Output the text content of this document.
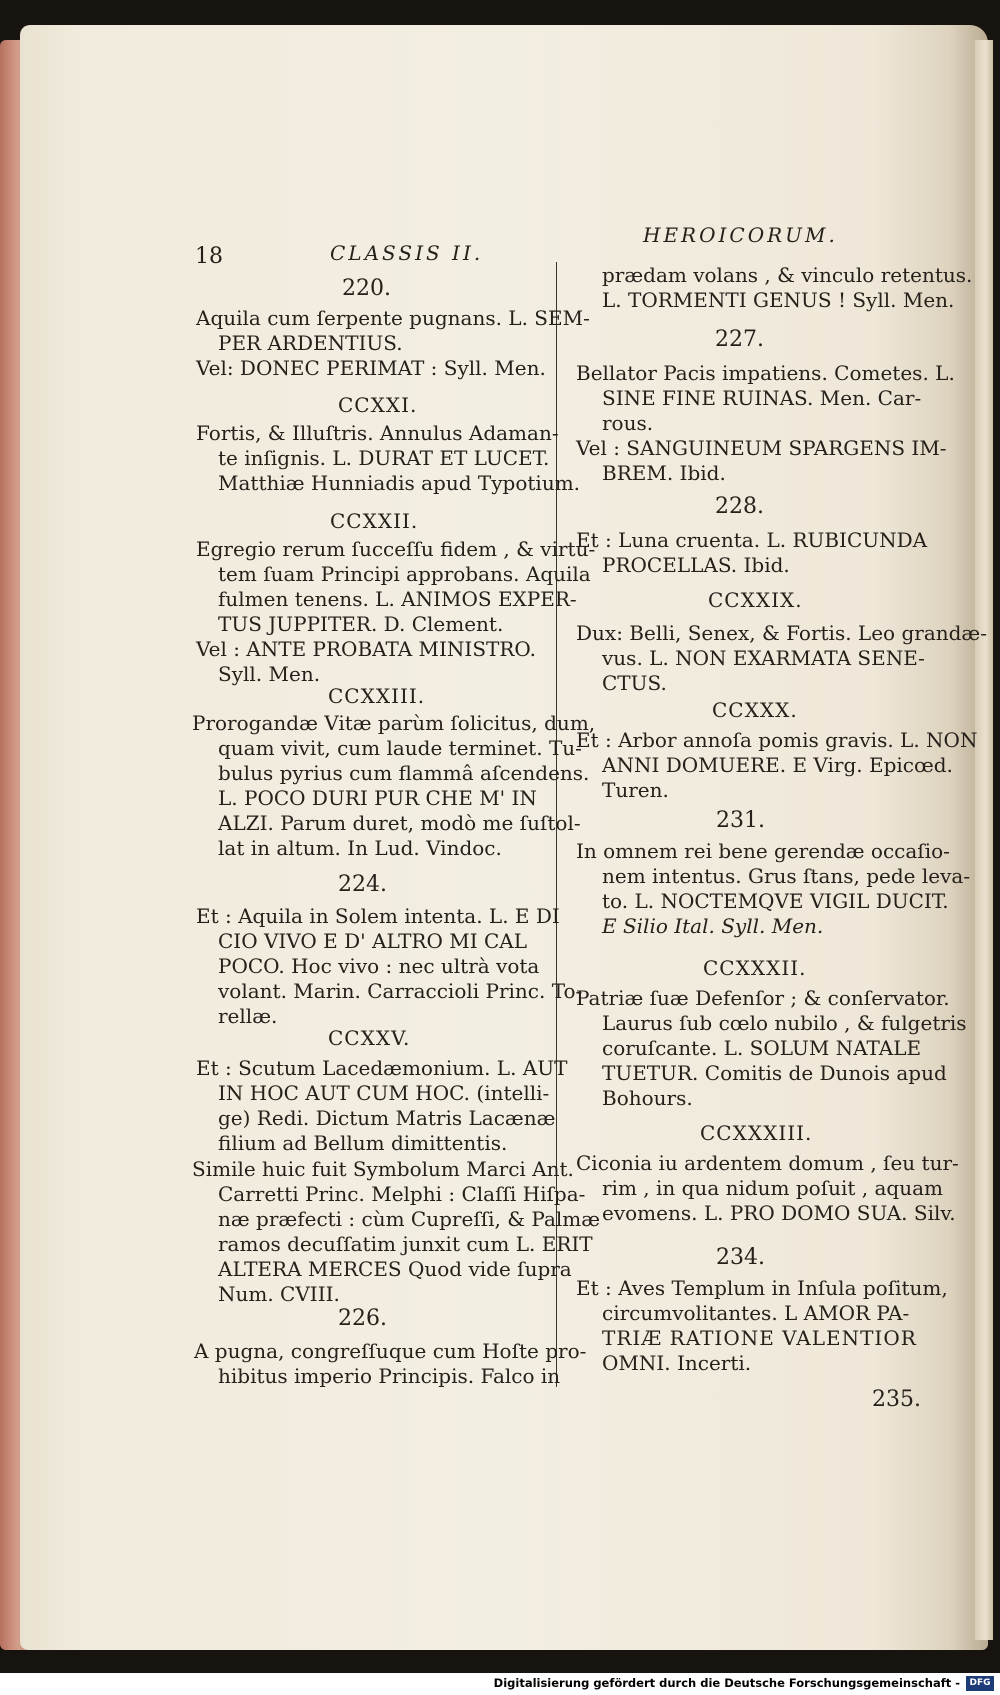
18	CLASSIS II.
HEROICORUM.
220.
Aquila cum ſerpente pugnans. L. SEM-
PER ARDENTIUS.
Vel: DONEC PERIMAT : Syll. Men.
CCXXI.
Fortis, & Illuſtris. Annulus Adaman-
te inſignis. L. DURAT ET LUCET.
Matthiæ Hunniadis apud Typotium.
CCXXII.
Egregio rerum ſucceſſu fidem , & virtu-
tem ſuam Principi approbans. Aquila
fulmen tenens. L. ANIMOS EXPER-
TUS JUPPITER. D. Clement.
Vel : ANTE PROBATA MINISTRO.
Syll. Men.
CCXXIII.
Prorogandæ Vitæ parùm ſolicitus, dum,
quam vivit, cum laude terminet. Tu-
bulus pyrius cum flammâ aſcendens.
L. POCO DURI PUR CHE M' IN
ALZI. Parum duret, modò me ſuſtol-
lat in altum. In Lud. Vindoc.
224.
Et : Aquila in Solem intenta. L. E DI
CIO VIVO E D' ALTRO MI CAL
POCO. Hoc vivo : nec ultrà vota
volant. Marin. Carraccioli Princ. To-
rellæ.
CCXXV.
Et : Scutum Lacedæmonium. L. AUT
IN HOC AUT CUM HOC. (intelli-
ge) Redi. Dictum Matris Lacænæ
filium ad Bellum dimittentis.
Simile huic fuit Symbolum Marci Ant.
Carretti Princ. Melphi : Claſſi Hiſpa-
næ præfecti : cùm Cupreſſi, & Palmæ
ramos decuſſatim junxit cum L. ERIT
ALTERA MERCES Quod vide ſupra
Num. CVIII.
226.
A pugna, congreſſuque cum Hoſte pro-
hibitus imperio Principis. Falco in
prædam volans , & vinculo retentus.
L. TORMENTI GENUS ! Syll. Men.
227.
Bellator Pacis impatiens. Cometes. L.
SINE FINE RUINAS. Men. Car-
rous.
Vel : SANGUINEUM SPARGENS IM-
BREM. Ibid.
228.
Et : Luna cruenta. L. RUBICUNDA
PROCELLAS. Ibid.
CCXXIX.
Dux: Belli, Senex, & Fortis. Leo grandæ-
vus. L. NON EXARMATA SENE-
CTUS.
CCXXX.
Et : Arbor annoſa pomis gravis. L. NON
ANNI DOMUERE. E Virg. Epicœd.
Turen.
231.
In omnem rei bene gerendæ occaſio-
nem intentus. Grus ſtans, pede leva-
to. L. NOCTEMQVE VIGIL DUCIT.
E Silio Ital. Syll. Men.
CCXXXII.
Patriæ ſuæ Defenſor ; & conſervator.
Laurus ſub cœlo nubilo , & fulgetris
coruſcante. L. SOLUM NATALE
TUETUR. Comitis de Dunois apud
Bohours.
CCXXXIII.
Ciconia iu ardentem domum , ſeu tur-
rim , in qua nidum poſuit , aquam
evomens. L. PRO DOMO SUA. Silv.
234.
Et : Aves Templum in Inſula poſitum,
circumvolitantes. L AMOR PA-
TRIÆ RATIONE VALENTIOR
OMNI. Incerti.
235.
Digitalisierung gefördert durch die Deutsche Forschungsgemeinschaft -	DFG
